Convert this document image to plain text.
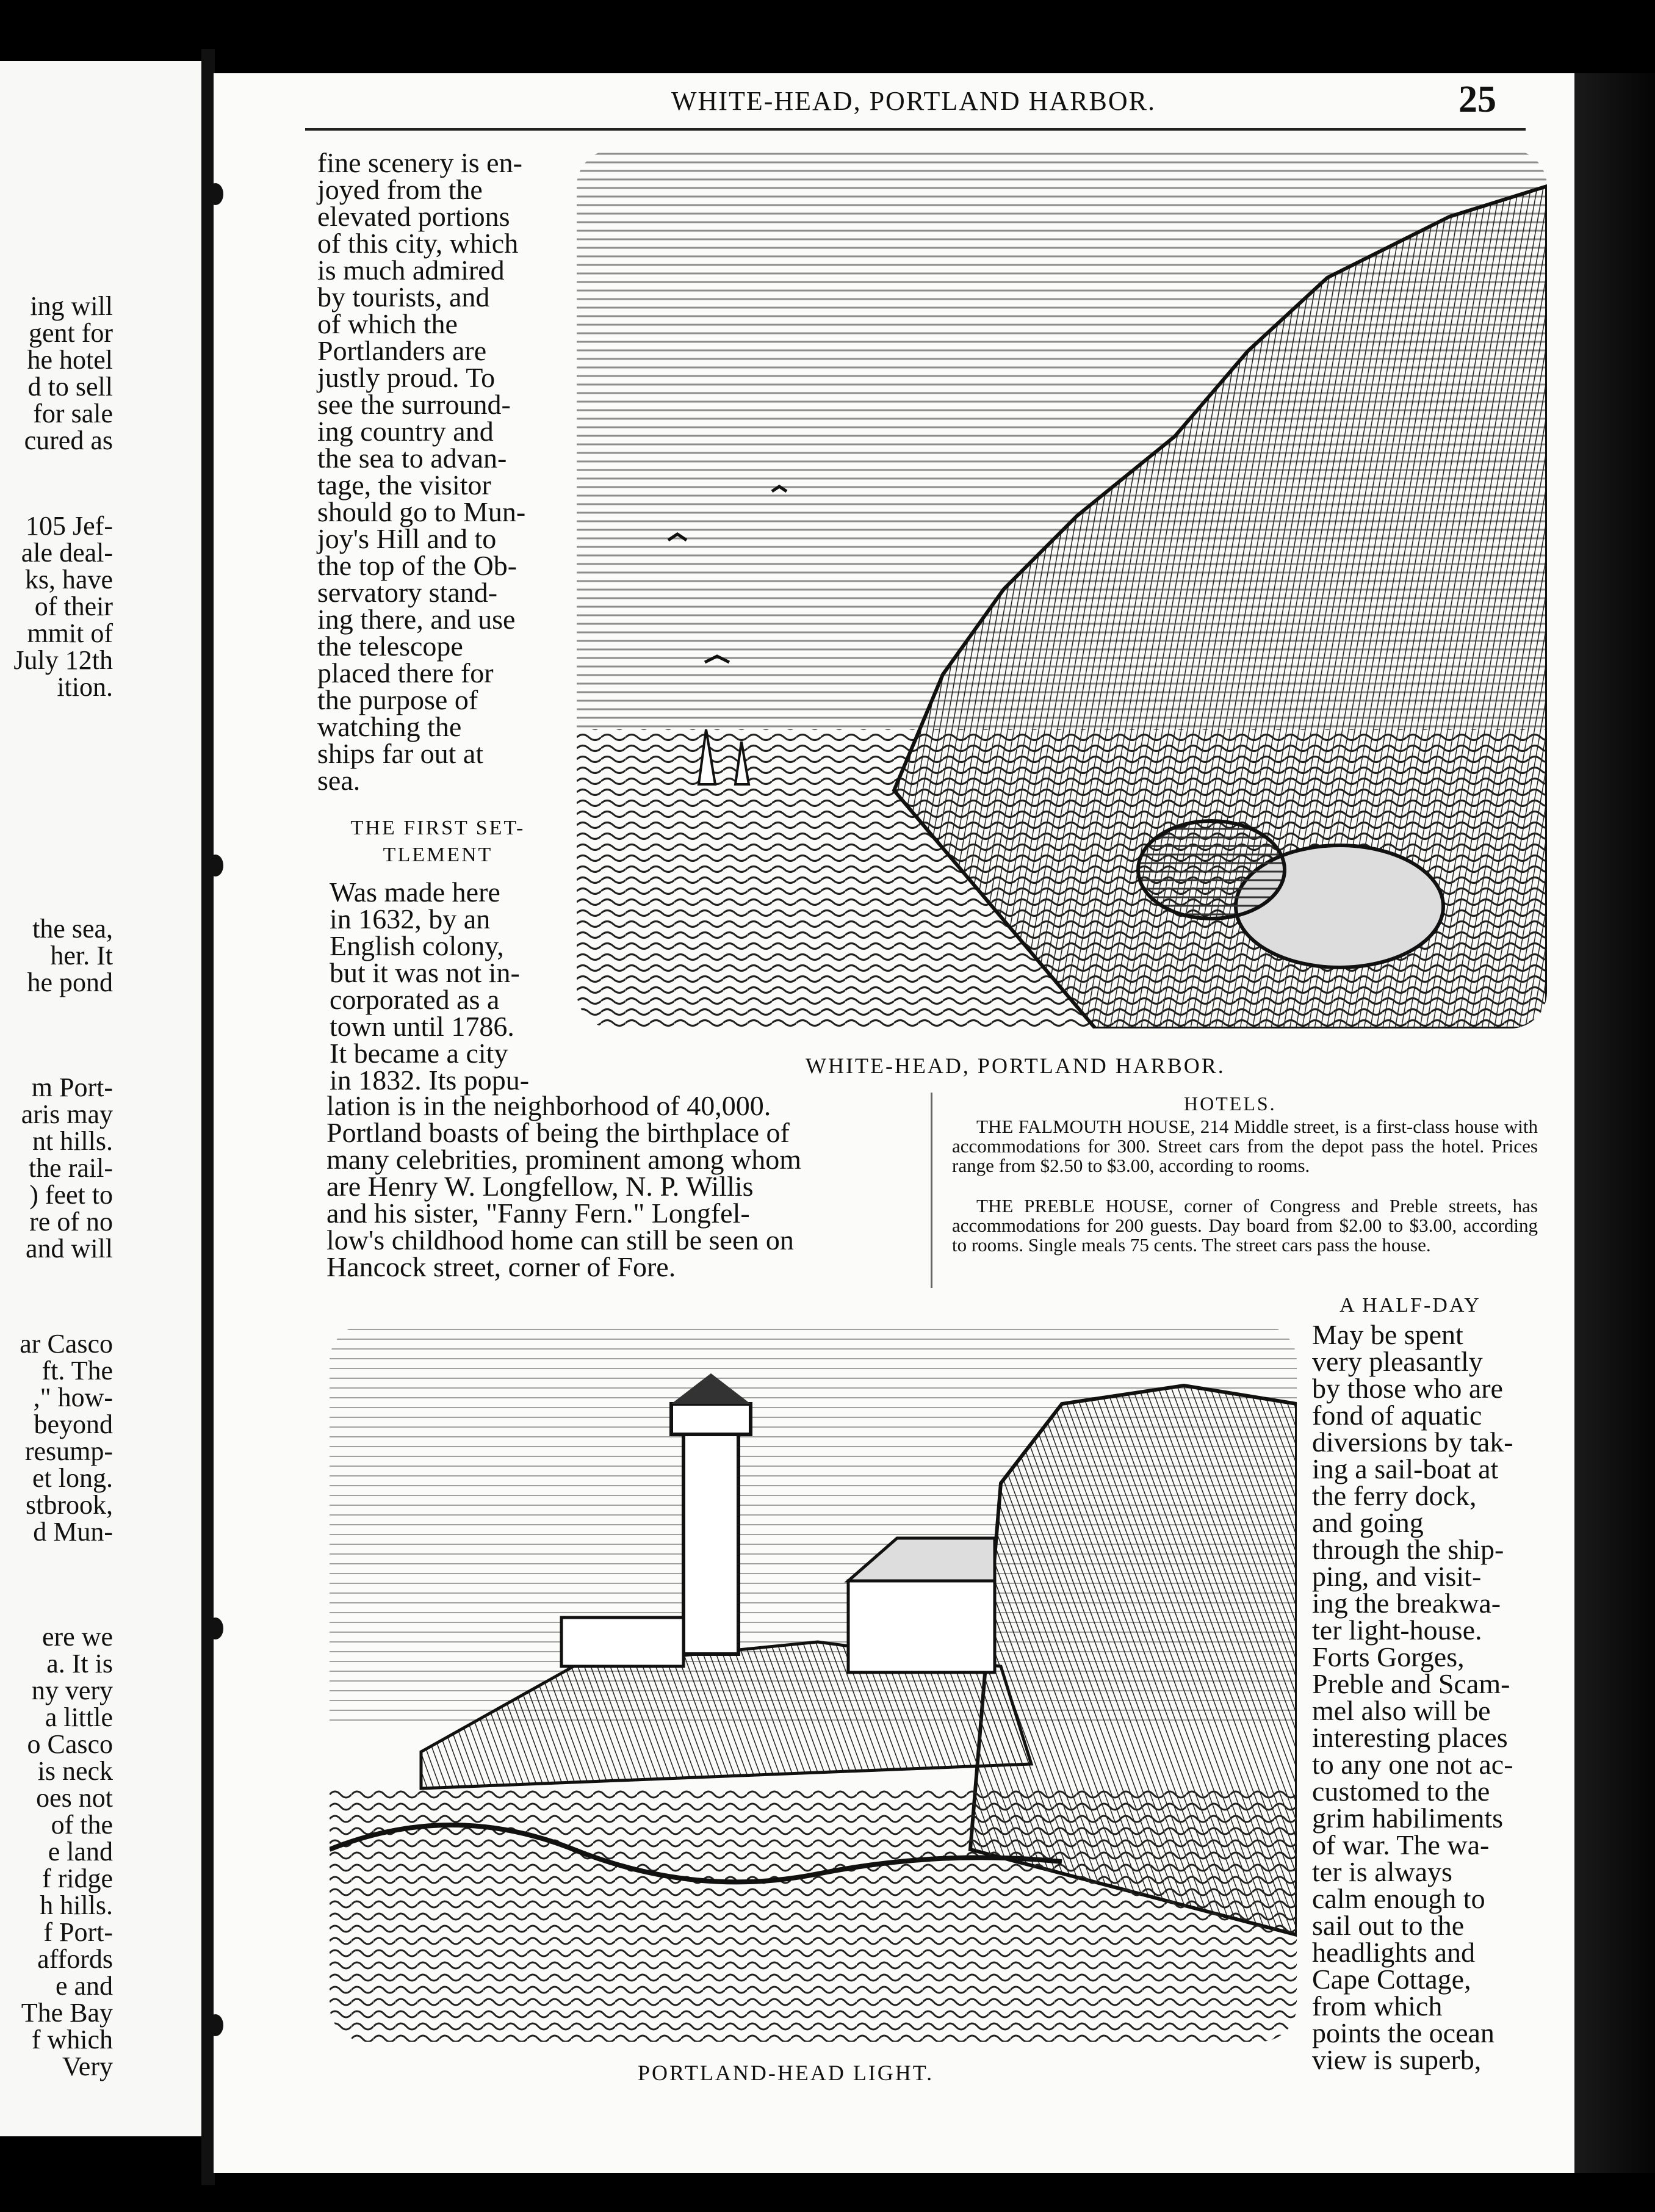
ing will
gent for
he hotel
d to sell
for sale
cured as
105 Jef-
ale deal-
ks, have
of their
mmit of
July 12th
ition.
the sea,
her. It
he pond
m Port-
aris may
nt hills.
the rail-
) feet to
re of no
and will
ar Casco
ft. The
," how-
beyond
resump-
et long.
stbrook,
d Mun-
ere we
a. It is
ny very
a little
o Casco
is neck
oes not
of the
e land
f ridge
h hills.
f Port-
affords
e and
The Bay
f which
Very
WHITE-HEAD, PORTLAND HARBOR.	25
fine scenery is en-
joyed from the
elevated portions
of this city, which
is much admired
by tourists, and
of which the
Portlanders are
justly proud. To
see the surround-
ing country and
the sea to advan-
tage, the visitor
should go to Mun-
joy's Hill and to
the top of the Ob-
servatory stand-
ing there, and use
the telescope
placed there for
the purpose of
watching the
ships far out at
sea.
THE FIRST SET-
TLEMENT
Was made here
in 1632, by an
English colony,
but it was not in-
corporated as a
town until 1786.
It became a city
in 1832. Its popu-
lation is in the neighborhood of 40,000.
Portland boasts of being the birthplace of
many celebrities, prominent among whom
are Henry W. Longfellow, N. P. Willis
and his sister, "Fanny Fern." Longfel-
low's childhood home can still be seen on
Hancock street, corner of Fore.
WHITE-HEAD, PORTLAND HARBOR.
HOTELS.
THE FALMOUTH HOUSE, 214 Middle street, is a first-class house with accommodations for 300. Street cars from the depot pass the hotel. Prices range from $2.50 to $3.00, according to rooms.
THE PREBLE HOUSE, corner of Congress and Preble streets, has accommodations for 200 guests. Day board from $2.00 to $3.00, according to rooms. Single meals 75 cents. The street cars pass the house.
A HALF-DAY
May be spent
very pleasantly
by those who are
fond of aquatic
diversions by tak-
ing a sail-boat at
the ferry dock,
and going
through the ship-
ping, and visit-
ing the breakwa-
ter light-house.
Forts Gorges,
Preble and Scam-
mel also will be
interesting places
to any one not ac-
customed to the
grim habiliments
of war. The wa-
ter is always
calm enough to
sail out to the
headlights and
Cape Cottage,
from which
points the ocean
view is superb,
PORTLAND-HEAD LIGHT.
